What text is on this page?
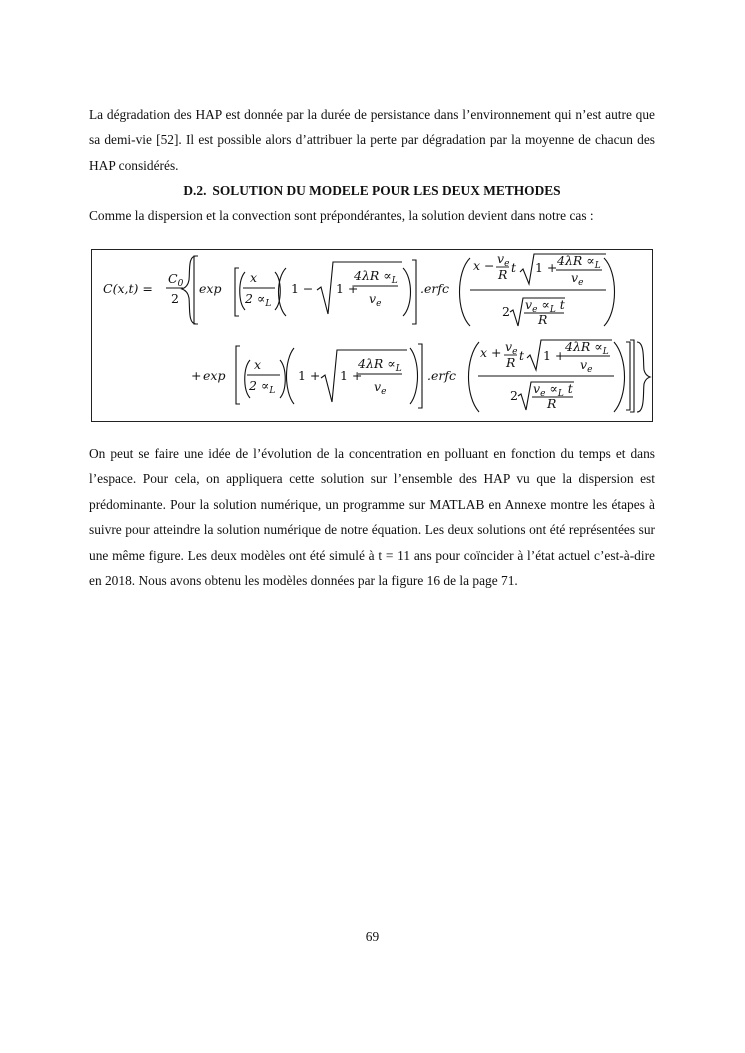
La dégradation des HAP est donnée par la durée de persistance dans l’environnement qui n’est autre que sa demi-vie [52]. Il est possible alors d’attribuer la perte par dégradation par la moyenne de chacun des HAP considérés.

D.2. SOLUTION DU MODELE POUR LES DEUX METHODES

Comme la dispersion et la convection sont prépondérantes, la solution devient dans notre cas :

C(x,t) =
$C_0$
2
exp
x
$2 \propto_L$
1 − 1 +
$4\lambda R \propto_L$
$v_e$
.erfc
$x - v_e$
R t $1 + 4\lambda R \propto_L$
$v_e$
2 $v_e \propto_L$ t
R
+ exp
x
$2 \propto_L$
1 + 1 +
$4\lambda R \propto_L$
$v_e$
.erfc
$x + v_e$
R t 1 +
$4\lambda R \propto_L$
$v_e$
2 $v_e \propto_L$ t
R

On peut se faire une idée de l’évolution de la concentration en polluant en fonction du temps et dans l’espace. Pour cela, on appliquera cette solution sur l’ensemble des HAP vu que la dispersion est prédominante. Pour la solution numérique, un programme sur MATLAB en Annexe montre les étapes à suivre pour atteindre la solution numérique de notre équation. Les deux solutions ont été représentées sur une même figure. Les deux modèles ont été simulé à t = 11 ans pour coïncider à l’état actuel c’est-à-dire en 2018. Nous avons obtenu les modèles données par la figure 16 de la page 71.

69
